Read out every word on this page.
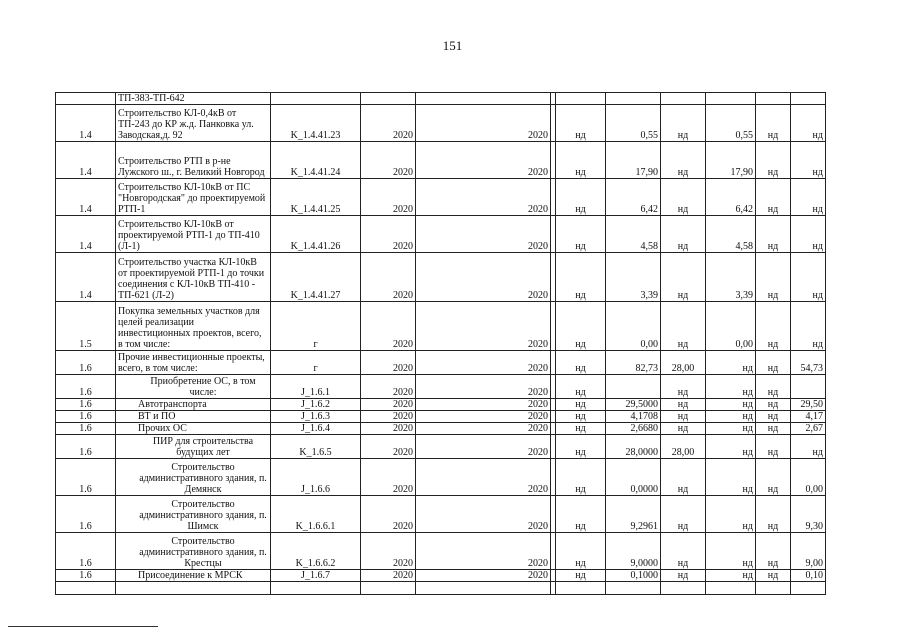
151
	ТП-383-ТП-642										
1.4	Строительство КЛ-0,4кВ от ТП-243 до КР ж.д. Панковка ул. Заводская,д. 92	K_1.4.41.23	2020	2020		нд	0,55	нд	0,55	нд	нд
1.4	Строительство РТП в р-не Лужского ш., г. Великий Новгород	K_1.4.41.24	2020	2020		нд	17,90	нд	17,90	нд	нд
1.4	Строительство КЛ-10кВ от ПС "Новгородская" до проектируемой РТП-1	K_1.4.41.25	2020	2020		нд	6,42	нд	6,42	нд	нд
1.4	Строительство КЛ-10кВ от проектируемой РТП-1 до ТП-410 (Л-1)	K_1.4.41.26	2020	2020		нд	4,58	нд	4,58	нд	нд
1.4	Строительство участка КЛ-10кВ от проектируемой РТП-1 до точки соединения с КЛ-10кВ ТП-410 - ТП-621 (Л-2)	K_1.4.41.27	2020	2020		нд	3,39	нд	3,39	нд	нд
1.5	Покупка земельных участков для целей реализации инвестиционных проектов, всего, в том числе:	г	2020	2020		нд	0,00	нд	0,00	нд	нд
1.6	Прочие инвестиционные проекты, всего, в том числе:	г	2020	2020		нд	82,73	28,00	нд	нд	54,73
1.6	Приобретение ОС, в том числе:	J_1.6.1	2020	2020		нд		нд	нд	нд	
1.6	Автотранспорта	J_1.6.2	2020	2020		нд	29,5000	нд	нд	нд	29,50
1.6	ВТ и ПО	J_1.6.3	2020	2020		нд	4,1708	нд	нд	нд	4,17
1.6	Прочих ОС	J_1.6.4	2020	2020		нд	2,6680	нд	нд	нд	2,67
1.6	ПИР для строительства будущих лет	K_1.6.5	2020	2020		нд	28,0000	28,00	нд	нд	нд
1.6	Строительство административного здания, п. Демянск	J_1.6.6	2020	2020		нд	0,0000	нд	нд	нд	0,00
1.6	Строительство административного здания, п. Шимск	K_1.6.6.1	2020	2020		нд	9,2961	нд	нд	нд	9,30
1.6	Строительство административного здания, п. Крестцы	K_1.6.6.2	2020	2020		нд	9,0000	нд	нд	нд	9,00
1.6	Присоединение к МРСК	J_1.6.7	2020	2020		нд	0,1000	нд	нд	нд	0,10
